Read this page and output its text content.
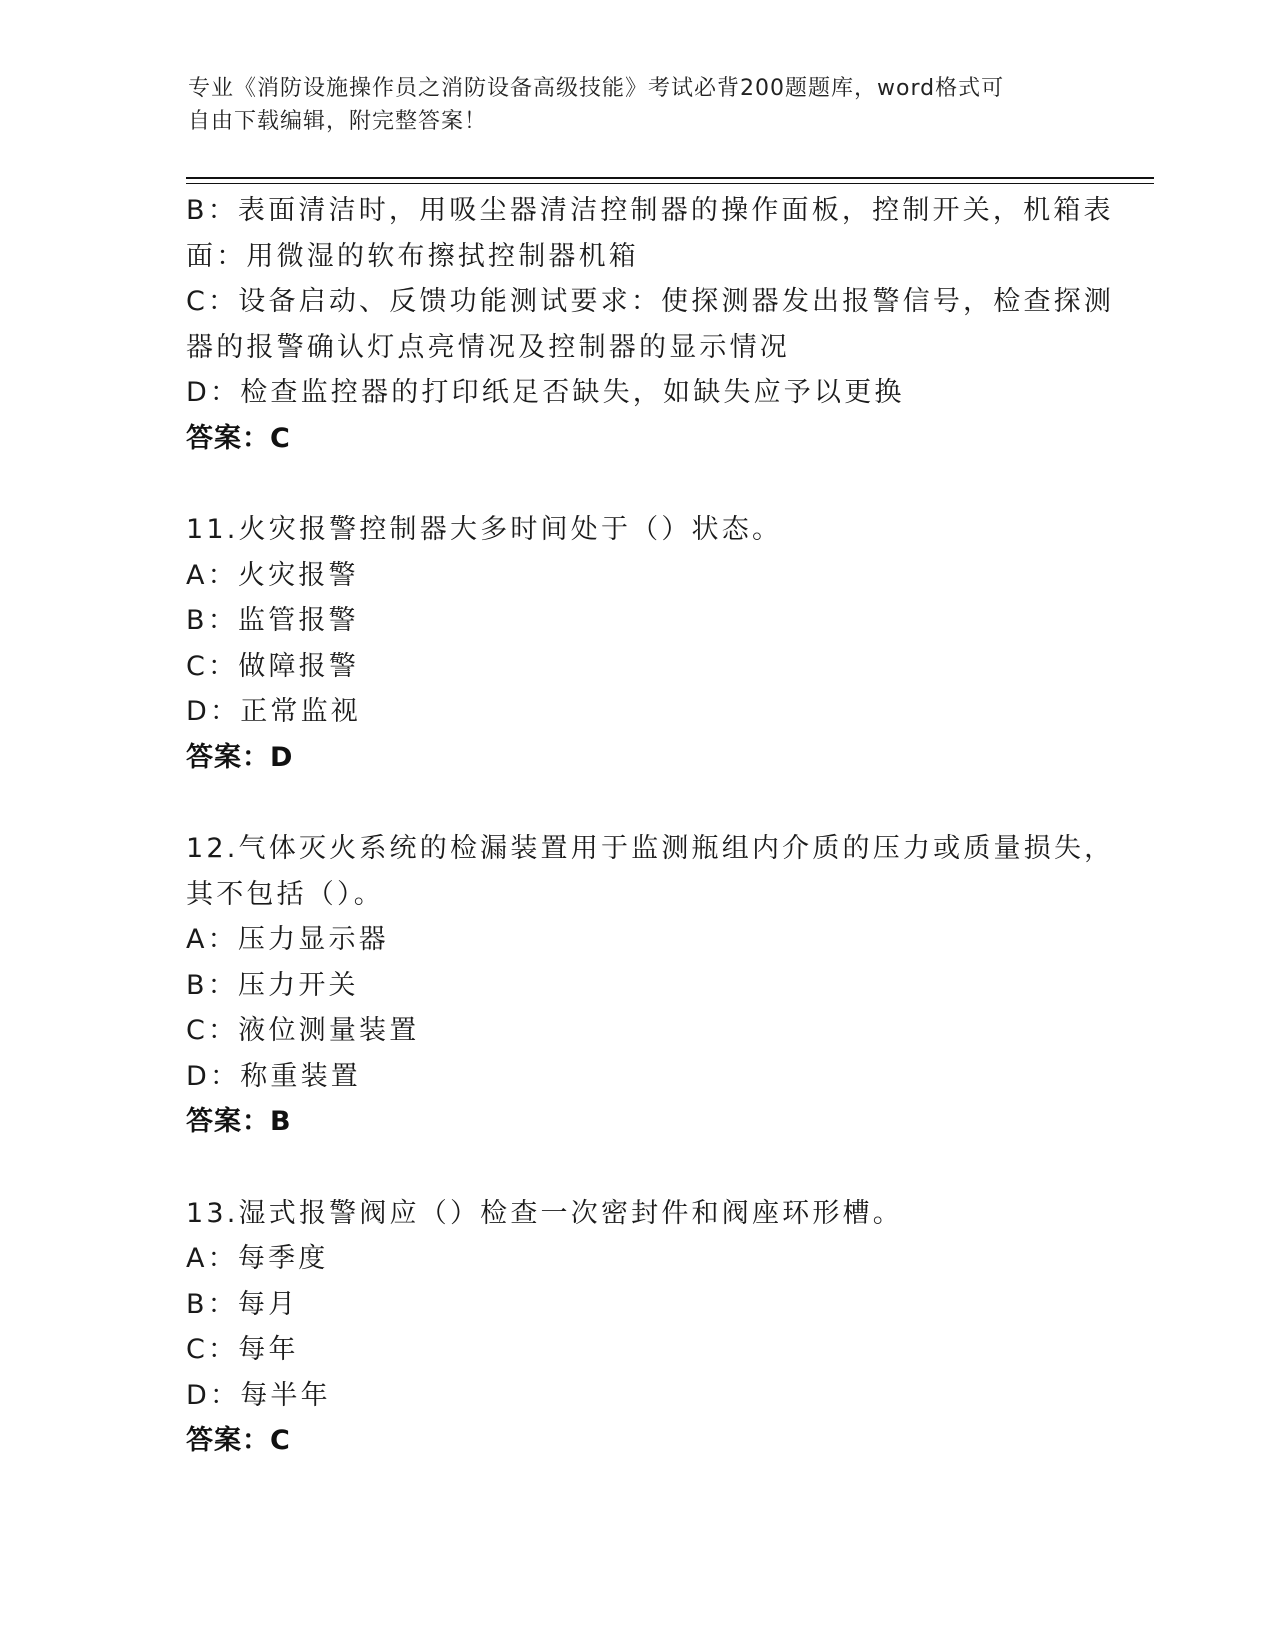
专业《消防设施操作员之消防设备高级技能》考试必背200题题库，word格式可
自由下载编辑，附完整答案！
B：表面清洁时，用吸尘器清洁控制器的操作面板，控制开关，机箱表
面：用微湿的软布擦拭控制器机箱
C：设备启动、反馈功能测试要求：使探测器发出报警信号，检查探测
器的报警确认灯点亮情况及控制器的显示情况
D：检查监控器的打印纸足否缺失，如缺失应予以更换
答案：C
11.火灾报警控制器大多时间处于（）状态。
A：火灾报警
B：监管报警
C：做障报警
D：正常监视
答案：D
12.气体灭火系统的检漏装置用于监测瓶组内介质的压力或质量损失，
其不包括（）。
A：压力显示器
B：压力开关
C：液位测量装置
D：称重装置
答案：B
13.湿式报警阀应（）检查一次密封件和阀座环形槽。
A：每季度
B：每月
C：每年
D：每半年
答案：C
